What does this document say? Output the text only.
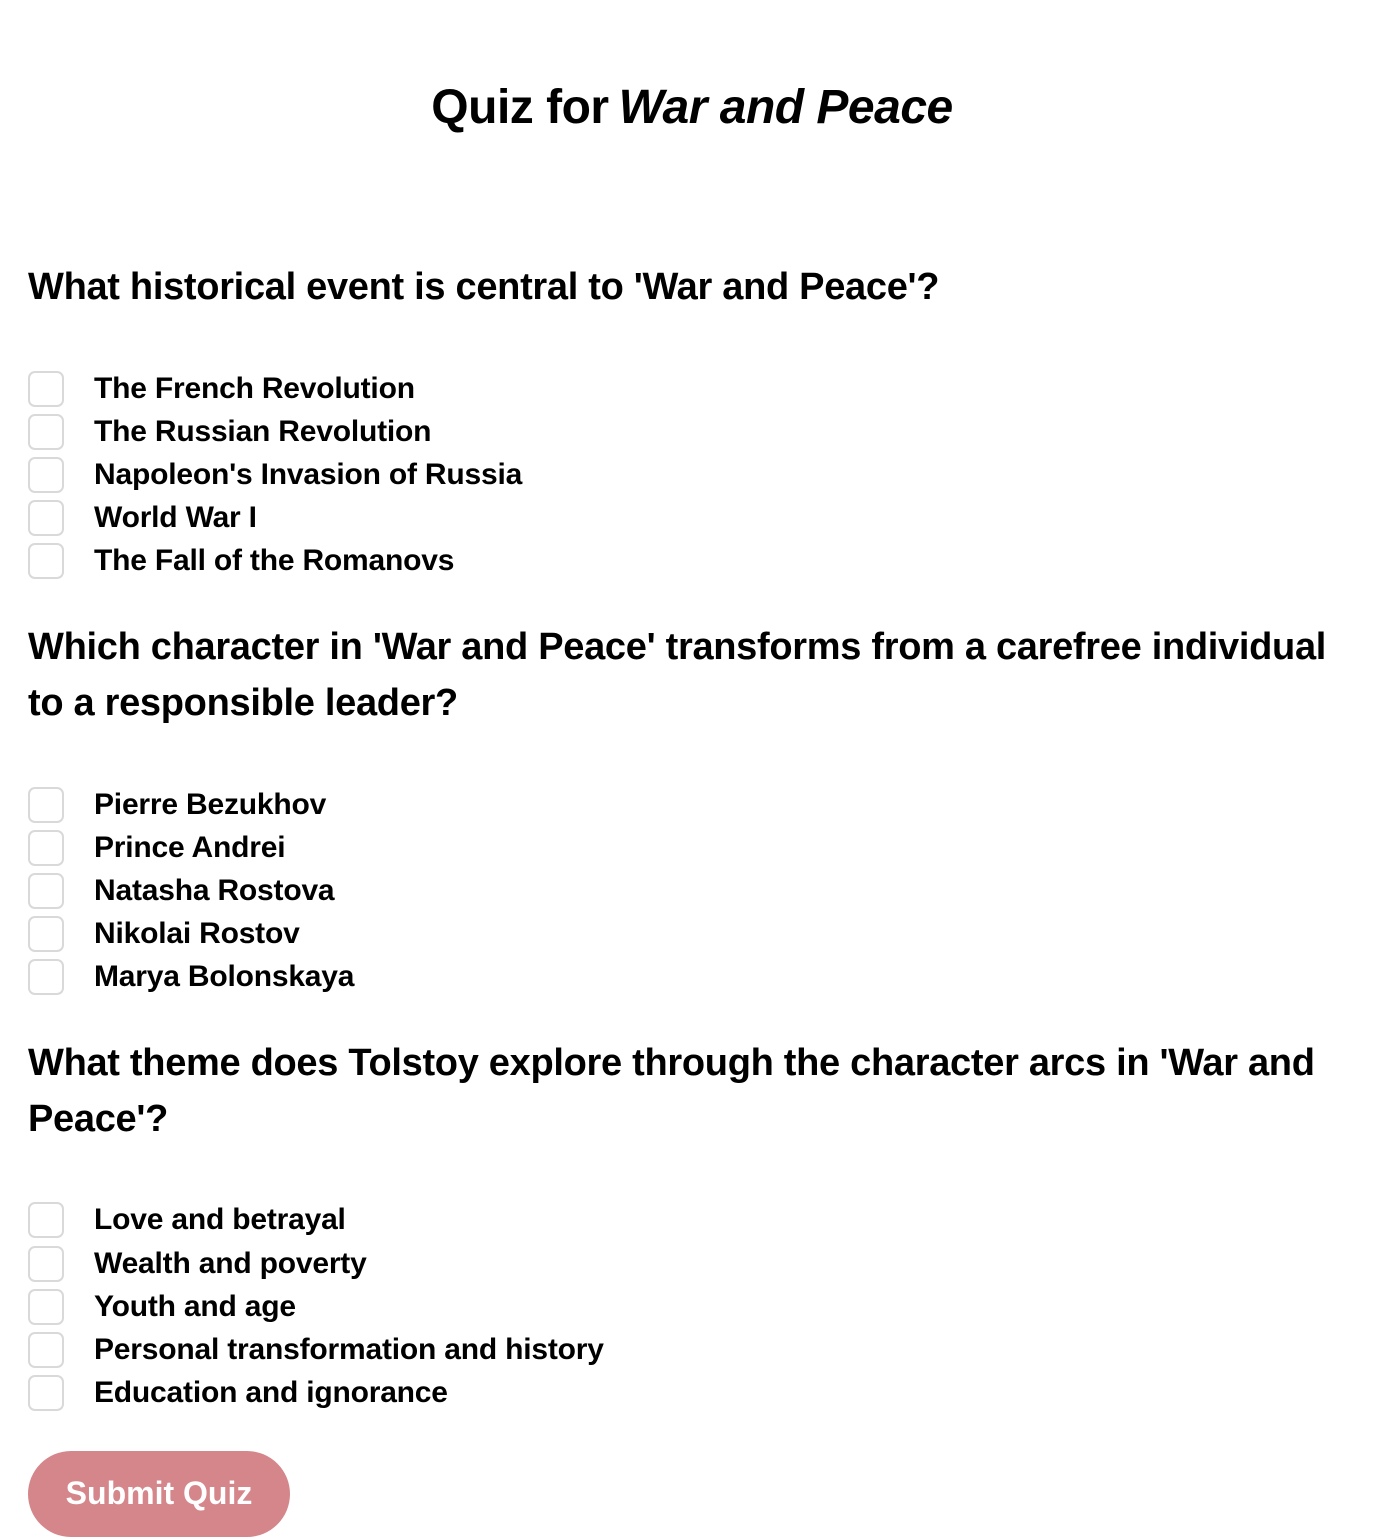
Quiz for War and Peace
What historical event is central to 'War and Peace'?
The French Revolution
The Russian Revolution
Napoleon's Invasion of Russia
World War I
The Fall of the Romanovs
Which character in 'War and Peace' transforms from a carefree individual to a responsible leader?
Pierre Bezukhov
Prince Andrei
Natasha Rostova
Nikolai Rostov
Marya Bolonskaya
What theme does Tolstoy explore through the character arcs in 'War and Peace'?
Love and betrayal
Wealth and poverty
Youth and age
Personal transformation and history
Education and ignorance
Submit Quiz
